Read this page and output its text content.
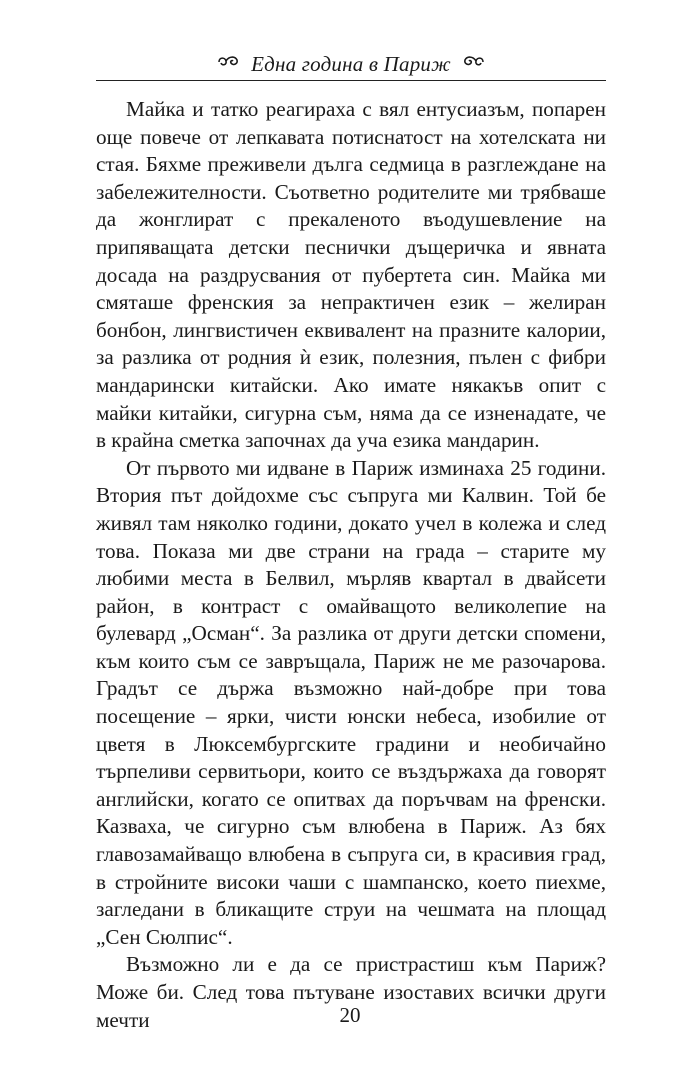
Една година в Париж

Майка и татко реагираха с вял ентусиазъм, попарен още повече от лепкавата потиснатост на хотелската ни стая. Бяхме преживели дълга седмица в разглеждане на забележителности. Съответно родителите ми трябваше да жонглират с прекаленото въодушевление на припяващата детски песнички дъщеричка и явната досада на раздрусвания от пубертета син. Майка ми смяташе френския за непрактичен език – желиран бонбон, лингвистичен еквивалент на празните калории, за разлика от родния ѝ език, полезния, пълен с фибри мандарински китайски. Ако имате някакъв опит с майки китайки, сигурна съм, няма да се изненадате, че в крайна сметка започнах да уча езика мандарин.

От първото ми идване в Париж изминаха 25 години. Втория път дойдохме със съпруга ми Калвин. Той бе живял там няколко години, докато учел в колежа и след това. Показа ми две страни на града – старите му любими места в Белвил, мърляв квартал в двайсети район, в контраст с омайващото великолепие на булевард „Осман“. За разлика от други детски спомени, към които съм се завръщала, Париж не ме разочарова. Градът се държа възможно най-добре при това посещение – ярки, чисти юнски небеса, изобилие от цветя в Люксембургските градини и необичайно търпеливи сервитьори, които се въздържаха да говорят английски, когато се опитвах да поръчвам на френски. Казваха, че сигурно съм влюбена в Париж. Аз бях главозамайващо влюбена в съпруга си, в красивия град, в стройните високи чаши с шампанско, което пиехме, загледани в бликащите струи на чешмата на площад „Сен Сюлпис“.

Възможно ли е да се пристрастиш към Париж? Може би. След това пътуване изоставих всички други мечти	20
